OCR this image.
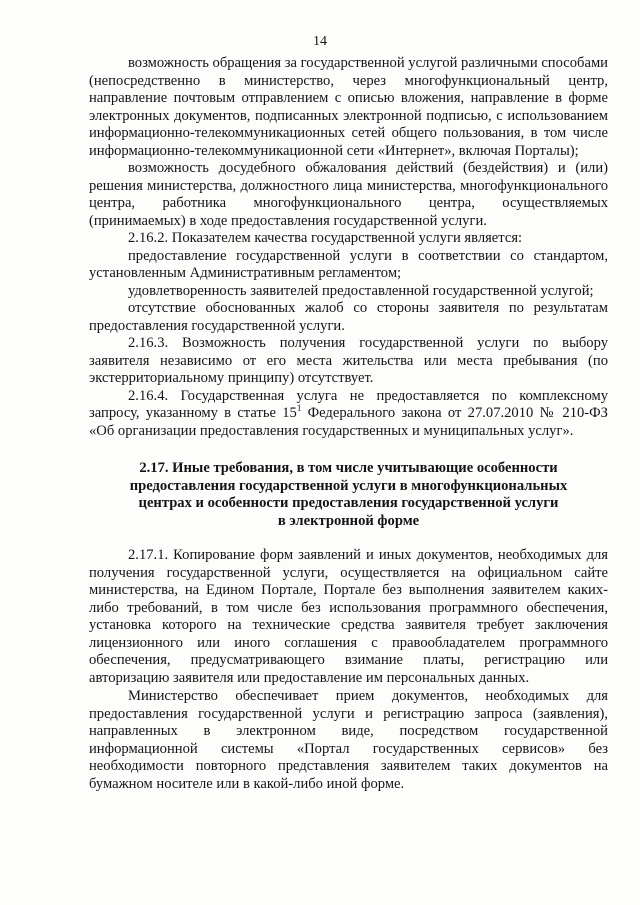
14

возможность обращения за государственной услугой различными способами (непосредственно в министерство, через многофункциональный центр, направление почтовым отправлением с описью вложения, направление в форме электронных документов, подписанных электронной подписью, с использованием информационно-телекоммуникационных сетей общего пользования, в том числе информационно-телекоммуникационной сети «Интернет», включая Порталы);

возможность досудебного обжалования действий (бездействия) и (или) решения министерства, должностного лица министерства, многофункционального центра, работника многофункционального центра, осуществляемых (принимаемых) в ходе предоставления государственной услуги.

2.16.2. Показателем качества государственной услуги является:

предоставление государственной услуги в соответствии со стандартом, установленным Административным регламентом;

удовлетворенность заявителей предоставленной государственной услугой;

отсутствие обоснованных жалоб со стороны заявителя по результатам предоставления государственной услуги.

2.16.3. Возможность получения государственной услуги по выбору заявителя независимо от его места жительства или места пребывания (по экстерриториальному принципу) отсутствует.

2.16.4. Государственная услуга не предоставляется по комплексному запросу, указанному в статье $15^1$ Федерального закона от 27.07.2010 № 210-ФЗ «Об организации предоставления государственных и муниципальных услуг».

2.17. Иные требования, в том числе учитывающие особенности
предоставления государственной услуги в многофункциональных
центрах и особенности предоставления государственной услуги
в электронной форме

2.17.1. Копирование форм заявлений и иных документов, необходимых для получения государственной услуги, осуществляется на официальном сайте министерства, на Едином Портале, Портале без выполнения заявителем каких-либо требований, в том числе без использования программного обеспечения, установка которого на технические средства заявителя требует заключения лицензионного или иного соглашения с правообладателем программного обеспечения, предусматривающего взимание платы, регистрацию или авторизацию заявителя или предоставление им персональных данных.

Министерство обеспечивает прием документов, необходимых для предоставления государственной услуги и регистрацию запроса (заявления), направленных в электронном виде, посредством государственной информационной системы «Портал государственных сервисов» без необходимости повторного представления заявителем таких документов на бумажном носителе или в какой-либо иной форме.
